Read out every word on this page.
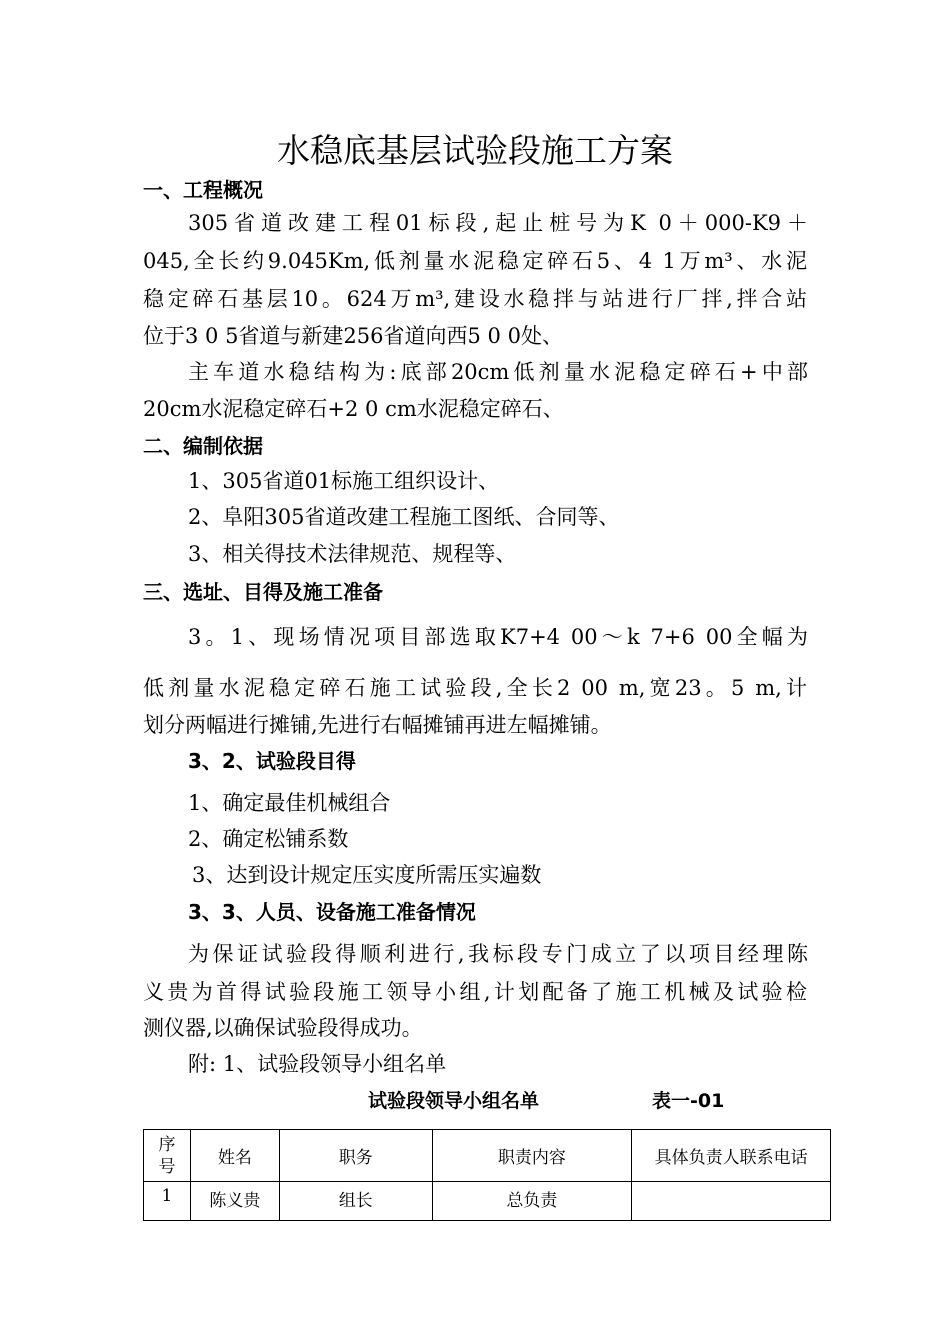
水稳底基层试验段施工方案
一、工程概况
305省道改建工程01标段,起止桩号为K 0＋000-K9＋
045,全长约9.045Km,低剂量水泥稳定碎石5、4 1万m³、水泥
稳定碎石基层10。624万m³,建设水稳拌与站进行厂拌,拌合站
位于3 0 5省道与新建256省道向西5 0 0处、
主车道水稳结构为:底部20cm低剂量水泥稳定碎石+中部
20cm水泥稳定碎石+2 0 cm水泥稳定碎石、
二、编制依据
1、305省道01标施工组织设计、
2、阜阳305省道改建工程施工图纸、合同等、
3、相关得技术法律规范、规程等、
三、选址、目得及施工准备
3。1、现场情况项目部选取K7+4 00～k 7+6 00全幅为
低剂量水泥稳定碎石施工试验段,全长2 00 m,宽23。5 m,计
划分两幅进行摊铺,先进行右幅摊铺再进左幅摊铺。
3、2、试验段目得
1、确定最佳机械组合
2、确定松铺系数
3、达到设计规定压实度所需压实遍数
3、3、人员、设备施工准备情况
为保证试验段得顺利进行,我标段专门成立了以项目经理陈
义贵为首得试验段施工领导小组,计划配备了施工机械及试验检
测仪器,以确保试验段得成功。
附: 1、试验段领导小组名单
试验段领导小组名单	表一-01
序
号	姓名	职务	职责内容	具体负责人联系电话
1	陈义贵	组长	总负责	
